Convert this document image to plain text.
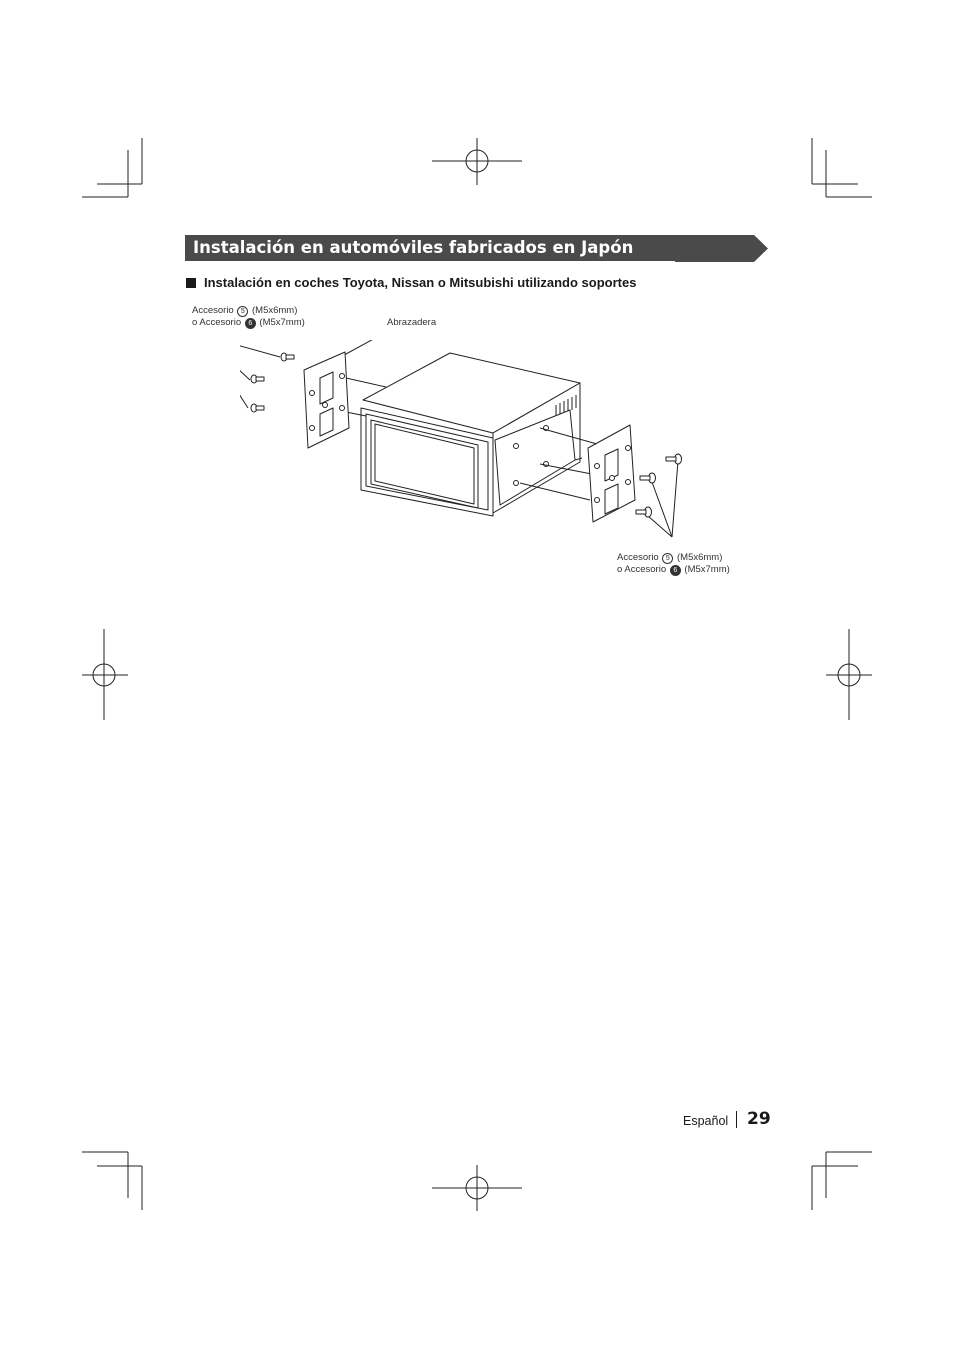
Instalación en automóviles fabricados en Japón
Instalación en coches Toyota, Nissan o Mitsubishi utilizando soportes
Accesorio 5 (M5x6mm)
o Accesorio 6 (M5x7mm)	Abrazadera
Accesorio 5 (M5x6mm)
o Accesorio 6 (M5x7mm)
Español 29
